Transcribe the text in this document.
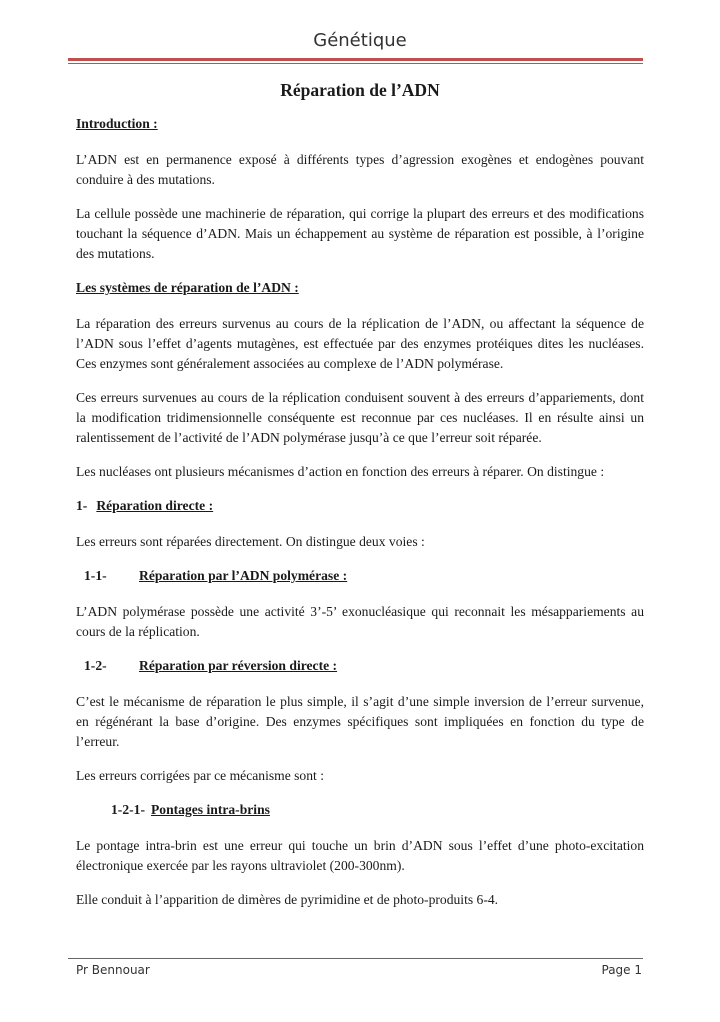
Génétique
Réparation de l’ADN
Introduction :

L’ADN est en permanence exposé à différents types d’agression exogènes et endogènes pouvant conduire à des mutations.

La cellule possède une machinerie de réparation, qui corrige la plupart des erreurs et des modifications touchant la séquence d’ADN. Mais un échappement au système de réparation est possible, à l’origine des mutations.

Les systèmes de réparation de l’ADN :

La réparation des erreurs survenus au cours de la réplication de l’ADN, ou affectant la séquence de l’ADN sous l’effet d’agents mutagènes, est effectuée par des enzymes protéiques dites les nucléases. Ces enzymes sont généralement associées au complexe de l’ADN polymérase.

Ces erreurs survenues au cours de la réplication conduisent souvent à des erreurs d’appariements, dont la modification tridimensionnelle conséquente est reconnue par ces nucléases. Il en résulte ainsi un ralentissement de l’activité de l’ADN polymérase jusqu’à ce que l’erreur soit réparée.

Les nucléases ont plusieurs mécanismes d’action en fonction des erreurs à réparer. On distingue :

1- Réparation directe :

Les erreurs sont réparées directement. On distingue deux voies :

1-1- Réparation par l’ADN polymérase :

L’ADN polymérase possède une activité 3’-5’ exonucléasique qui reconnait les mésappariements au cours de la réplication.

1-2- Réparation par réversion directe :

C’est le mécanisme de réparation le plus simple, il s’agit d’une simple inversion de l’erreur survenue, en régénérant la base d’origine. Des enzymes spécifiques sont impliquées en fonction du type de l’erreur.

Les erreurs corrigées par ce mécanisme sont :

1-2-1- Pontages intra-brins

Le pontage intra-brin est une erreur qui touche un brin d’ADN sous l’effet d’une photo-excitation électronique exercée par les rayons ultraviolet (200-300nm).

Elle conduit à l’apparition de dimères de pyrimidine et de photo-produits 6-4.

Pr Bennouar	Page 1
